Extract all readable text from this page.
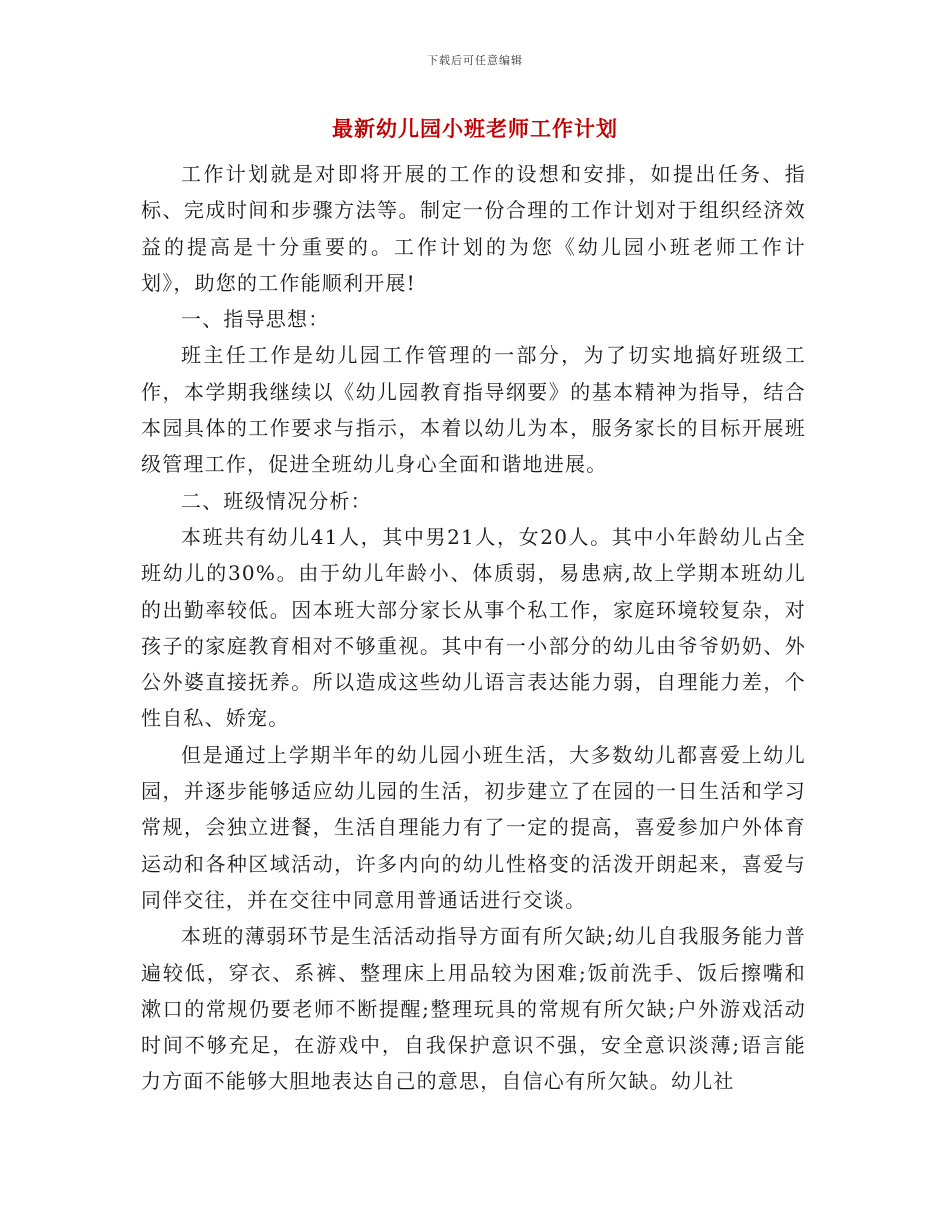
下载后可任意编辑
最新幼儿园小班老师工作计划

工作计划就是对即将开展的工作的设想和安排，如提出任务、指标、完成时间和步骤方法等。制定一份合理的工作计划对于组织经济效益的提高是十分重要的。工作计划的为您《幼儿园小班老师工作计划》，助您的工作能顺利开展!

一、指导思想：

班主任工作是幼儿园工作管理的一部分，为了切实地搞好班级工作，本学期我继续以《幼儿园教育指导纲要》的基本精神为指导，结合本园具体的工作要求与指示，本着以幼儿为本，服务家长的目标开展班级管理工作，促进全班幼儿身心全面和谐地进展。

二、班级情况分析：

本班共有幼儿41人，其中男21人，女20人。其中小年龄幼儿占全班幼儿的30%。由于幼儿年龄小、体质弱，易患病,故上学期本班幼儿的出勤率较低。因本班大部分家长从事个私工作，家庭环境较复杂，对孩子的家庭教育相对不够重视。其中有一小部分的幼儿由爷爷奶奶、外公外婆直接抚养。所以造成这些幼儿语言表达能力弱，自理能力差，个性自私、娇宠。

但是通过上学期半年的幼儿园小班生活，大多数幼儿都喜爱上幼儿园，并逐步能够适应幼儿园的生活，初步建立了在园的一日生活和学习常规，会独立进餐，生活自理能力有了一定的提高，喜爱参加户外体育运动和各种区域活动，许多内向的幼儿性格变的活泼开朗起来，喜爱与同伴交往，并在交往中同意用普通话进行交谈。

本班的薄弱环节是生活活动指导方面有所欠缺;幼儿自我服务能力普遍较低，穿衣、系裤、整理床上用品较为困难;饭前洗手、饭后擦嘴和漱口的常规仍要老师不断提醒;整理玩具的常规有所欠缺;户外游戏活动时间不够充足，在游戏中，自我保护意识不强，安全意识淡薄;语言能力方面不能够大胆地表达自己的意思，自信心有所欠缺。幼儿社
